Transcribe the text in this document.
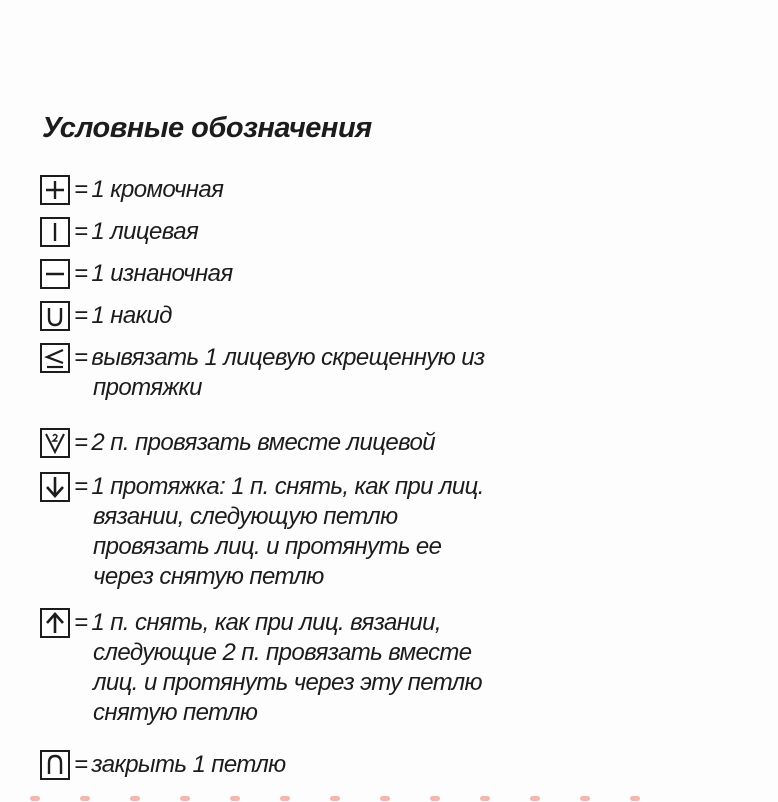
Условные обозначения
= 1 кромочная
= 1 лицевая
= 1 изнаночная
= 1 накид
= вывязать 1 лицевую скрещенную из
протяжки
= 2 п. провязать вместе лицевой
= 1 протяжка: 1 п. снять, как при лиц.
вязании, следующую петлю
провязать лиц. и протянуть ее
через снятую петлю
= 1 п. снять, как при лиц. вязании,
следующие 2 п. провязать вместе
лиц. и протянуть через эту петлю
снятую петлю
= закрыть 1 петлю
